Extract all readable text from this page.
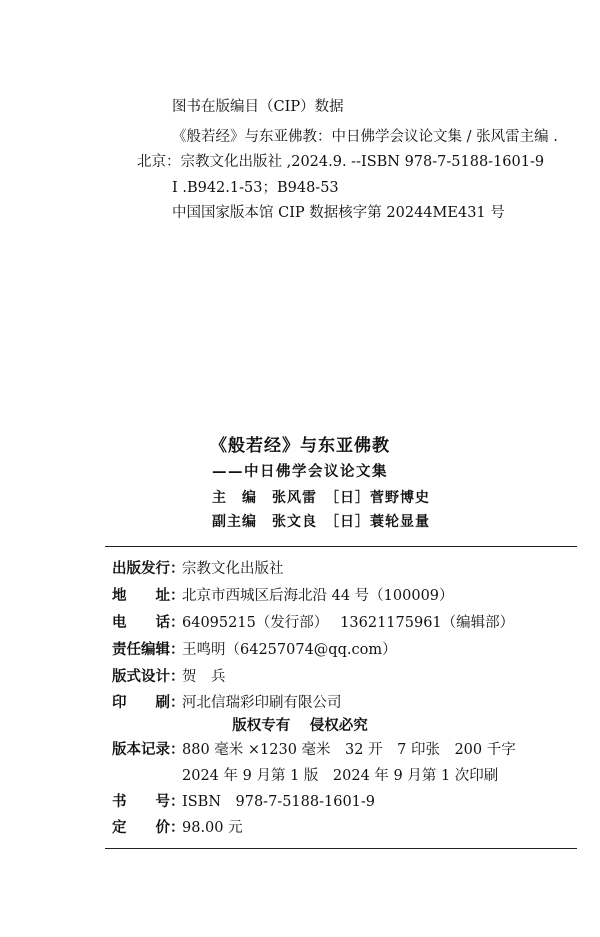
图书在版编目（CIP）数据
《般若经》与东亚佛教：中日佛学会议论文集 / 张风雷主编 .
北京：宗教文化出版社 ,2024.9. --ISBN 978-7-5188-1601-9
Ⅰ .B942.1-53；B948-53
中国国家版本馆 CIP 数据核字第 20244ME431 号
《般若经》与东亚佛教
——中日佛学会议论文集
主　编　张风雷　［日］菅野博史
副主编　张文良　［日］蓑轮显量
出版发行：宗教文化出版社
地　　址：北京市西城区后海北沿 44 号（100009）
电　　话：64095215（发行部）　 13621175961（编辑部）
责任编辑：王鸣明（64257074@qq.com）
版式设计：贺　兵
印　　刷：河北信瑞彩印刷有限公司
版权专有　 侵权必究
版本记录：880 毫米 ×1230 毫米　32 开　7 印张　200 千字
2024 年 9 月第 1 版　2024 年 9 月第 1 次印刷
书　　号：ISBN　978-7-5188-1601-9
定　　价：98.00 元
